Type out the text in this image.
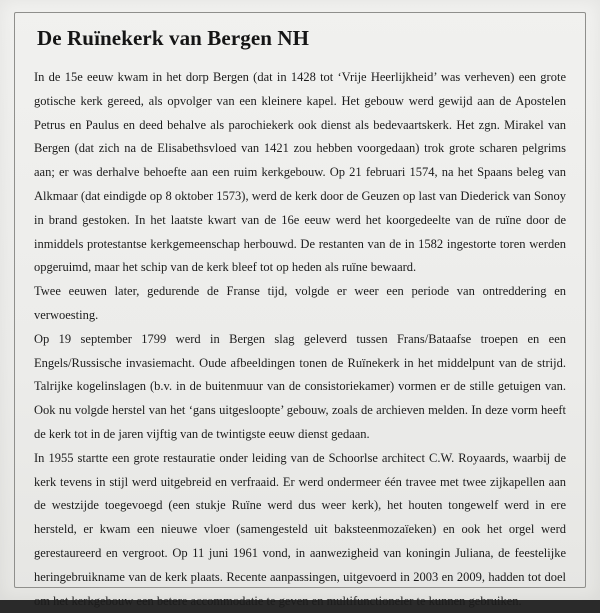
De Ruïnekerk van Bergen NH

In de 15e eeuw kwam in het dorp Bergen (dat in 1428 tot ‘Vrije Heerlijkheid’ was verheven) een grote gotische kerk gereed, als opvolger van een kleinere kapel. Het gebouw werd gewijd aan de Apostelen Petrus en Paulus en deed behalve als parochiekerk ook dienst als bedevaartskerk. Het zgn. Mirakel van Bergen (dat zich na de Elisabethsvloed van 1421 zou hebben voorgedaan) trok grote scharen pelgrims aan; er was derhalve behoefte aan een ruim kerkgebouw. Op 21 februari 1574, na het Spaans beleg van Alkmaar (dat eindigde op 8 oktober 1573), werd de kerk door de Geuzen op last van Diederick van Sonoy in brand gestoken. In het laatste kwart van de 16e eeuw werd het koorgedeelte van de ruïne door de inmiddels protestantse kerkgemeenschap herbouwd. De restanten van de in 1582 ingestorte toren werden opgeruimd, maar het schip van de kerk bleef tot op heden als ruïne bewaard.

Twee eeuwen later, gedurende de Franse tijd, volgde er weer een periode van ontreddering en verwoesting.

Op 19 september 1799 werd in Bergen slag geleverd tussen Frans/Bataafse troepen en een Engels/Russische invasiemacht. Oude afbeeldingen tonen de Ruïnekerk in het middelpunt van de strijd. Talrijke kogelinslagen (b.v. in de buitenmuur van de consistoriekamer) vormen er de stille getuigen van. Ook nu volgde herstel van het ‘gans uitgesloopte’ gebouw, zoals de archieven melden. In deze vorm heeft de kerk tot in de jaren vijftig van de twintigste eeuw dienst gedaan.

In 1955 startte een grote restauratie onder leiding van de Schoorlse architect C.W. Royaards, waarbij de kerk tevens in stijl werd uitgebreid en verfraaid. Er werd ondermeer één travee met twee zijkapellen aan de westzijde toegevoegd (een stukje Ruïne werd dus weer kerk), het houten tongewelf werd in ere hersteld, er kwam een nieuwe vloer (samengesteld uit baksteenmozaïeken) en ook het orgel werd gerestaureerd en vergroot. Op 11 juni 1961 vond, in aanwezigheid van koningin Juliana, de feestelijke heringebruikname van de kerk plaats. Recente aanpassingen, uitgevoerd in 2003 en 2009, hadden tot doel om het kerkgebouw een betere accommodatie te geven en multifunctioneler te kunnen gebruiken.
